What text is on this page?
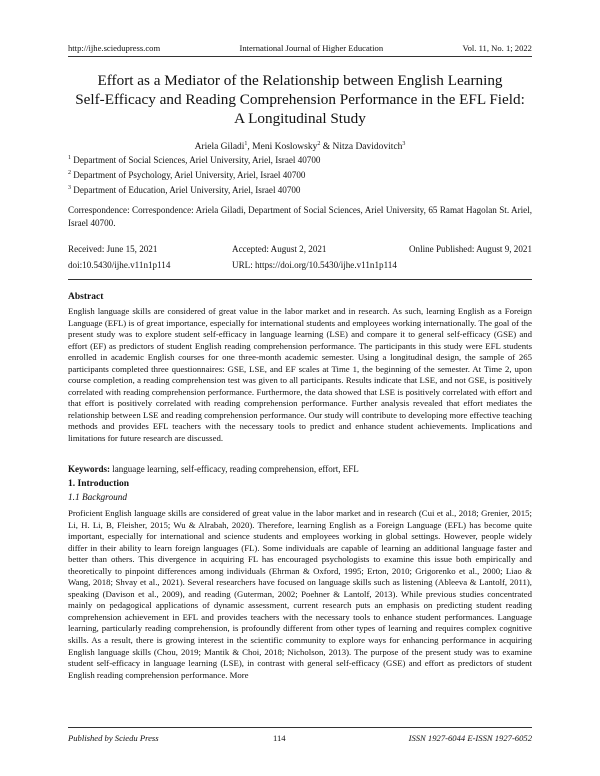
http://ijhe.sciedupress.com	International Journal of Higher Education	Vol. 11, No. 1; 2022
Effort as a Mediator of the Relationship between English Learning
Self-Efficacy and Reading Comprehension Performance in the EFL Field:
A Longitudinal Study
Ariela Giladi$^1$, Meni Koslowsky$^2$ & Nitza Davidovitch$^3$
$^1$ Department of Social Sciences, Ariel University, Ariel, Israel 40700
$^2$ Department of Psychology, Ariel University, Ariel, Israel 40700
$^3$ Department of Education, Ariel University, Ariel, Israel 40700
Correspondence: Correspondence: Ariela Giladi, Department of Social Sciences, Ariel University, 65 Ramat Hagolan St. Ariel, Israel 40700.
Received: June 15, 2021	Accepted: August 2, 2021	Online Published: August 9, 2021
doi:10.5430/ijhe.v11n1p114	URL: https://doi.org/10.5430/ijhe.v11n1p114
Abstract
English language skills are considered of great value in the labor market and in research. As such, learning English as a Foreign Language (EFL) is of great importance, especially for international students and employees working internationally. The goal of the present study was to explore student self-efficacy in language learning (LSE) and compare it to general self-efficacy (GSE) and effort (EF) as predictors of student English reading comprehension performance. The participants in this study were EFL students enrolled in academic English courses for one three-month academic semester. Using a longitudinal design, the sample of 265 participants completed three questionnaires: GSE, LSE, and EF scales at Time 1, the beginning of the semester. At Time 2, upon course completion, a reading comprehension test was given to all participants. Results indicate that LSE, and not GSE, is positively correlated with reading comprehension performance. Furthermore, the data showed that LSE is positively correlated with effort and that effort is positively correlated with reading comprehension performance. Further analysis revealed that effort mediates the relationship between LSE and reading comprehension performance. Our study will contribute to developing more effective teaching methods and provides EFL teachers with the necessary tools to predict and enhance student achievements. Implications and limitations for future research are discussed.
Keywords: language learning, self-efficacy, reading comprehension, effort, EFL
1. Introduction
1.1 Background
Proficient English language skills are considered of great value in the labor market and in research (Cui et al., 2018; Grenier, 2015; Li, H. Li, B, Fleisher, 2015; Wu & Alrabah, 2020). Therefore, learning English as a Foreign Language (EFL) has become quite important, especially for international and science students and employees working in global settings. However, people widely differ in their ability to learn foreign languages (FL). Some individuals are capable of learning an additional language faster and better than others. This divergence in acquiring FL has encouraged psychologists to examine this issue both empirically and theoretically to pinpoint differences among individuals (Ehrman & Oxford, 1995; Erton, 2010; Grigorenko et al., 2000; Liao & Wang, 2018; Shvay et al., 2021). Several researchers have focused on language skills such as listening (Ableeva & Lantolf, 2011), speaking (Davison et al., 2009), and reading (Guterman, 2002; Poehner & Lantolf, 2013). While previous studies concentrated mainly on pedagogical applications of dynamic assessment, current research puts an emphasis on predicting student reading comprehension achievement in EFL and provides teachers with the necessary tools to enhance student performances. Language learning, particularly reading comprehension, is profoundly different from other types of learning and requires complex cognitive skills. As a result, there is growing interest in the scientific community to explore ways for enhancing performance in acquiring English language skills (Chou, 2019; Mantik & Choi, 2018; Nicholson, 2013). The purpose of the present study was to examine student self-efficacy in language learning (LSE), in contrast with general self-efficacy (GSE) and effort as predictors of student English reading comprehension performance. More
Published by Sciedu Press	114	ISSN 1927-6044 E-ISSN 1927-6052
